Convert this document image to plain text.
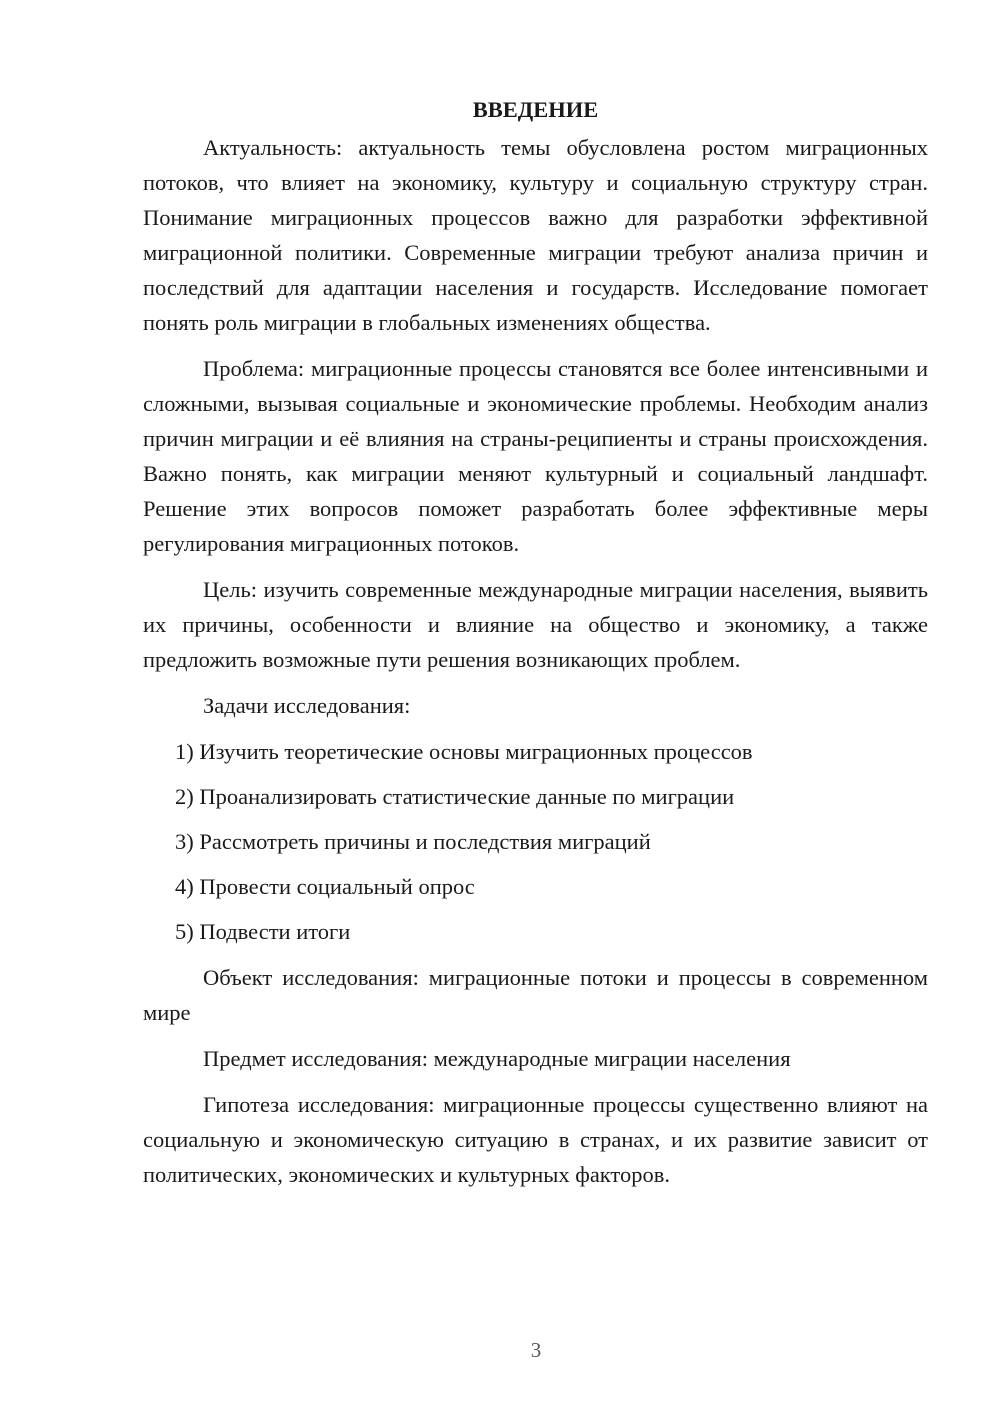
ВВЕДЕНИЕ

Актуальность: актуальность темы обусловлена ростом миграционных потоков, что влияет на экономику, культуру и социальную структуру стран. Понимание миграционных процессов важно для разработки эффективной миграционной политики. Современные миграции требуют анализа причин и последствий для адаптации населения и государств. Исследование помогает понять роль миграции в глобальных изменениях общества.

Проблема: миграционные процессы становятся все более интенсивными и сложными, вызывая социальные и экономические проблемы. Необходим анализ причин миграции и её влияния на страны-реципиенты и страны происхождения. Важно понять, как миграции меняют культурный и социальный ландшафт. Решение этих вопросов поможет разработать более эффективные меры регулирования миграционных потоков.

Цель: изучить современные международные миграции населения, выявить их причины, особенности и влияние на общество и экономику, а также предложить возможные пути решения возникающих проблем.

Задачи исследования:

1) Изучить теоретические основы миграционных процессов
2) Проанализировать статистические данные по миграции
3) Рассмотреть причины и последствия миграций
4) Провести социальный опрос
5) Подвести итоги

Объект исследования: миграционные потоки и процессы в современном мире

Предмет исследования: международные миграции населения

Гипотеза исследования: миграционные процессы существенно влияют на социальную и экономическую ситуацию в странах, и их развитие зависит от политических, экономических и культурных факторов.

3
